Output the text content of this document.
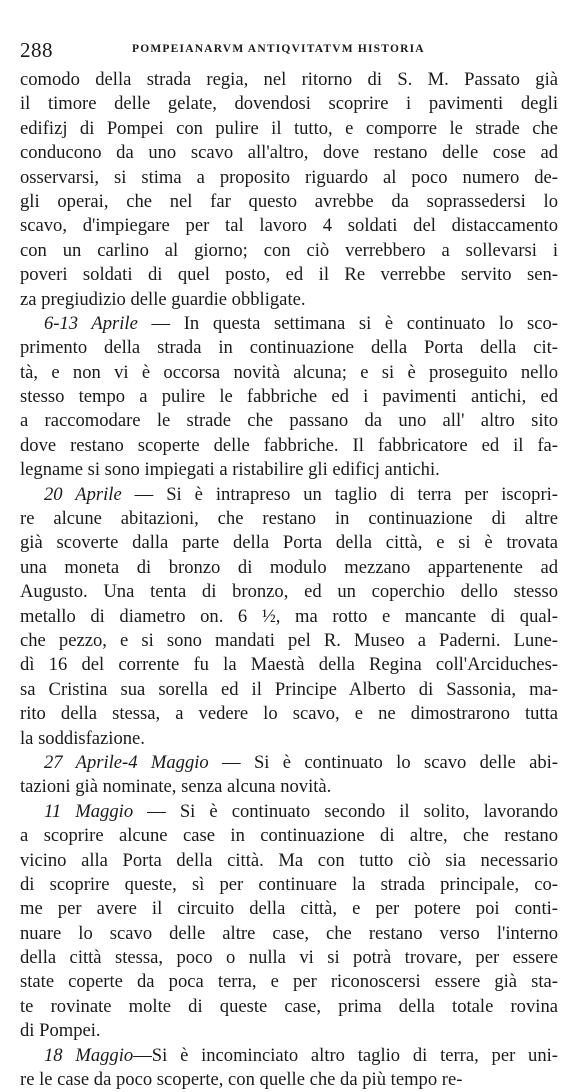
288	POMPEIANARVM ANTIQVITATVM HISTORIA
comodo della strada regia, nel ritorno di S. M. Passato già
il timore delle gelate, dovendosi scoprire i pavimenti degli
edifizj di Pompei con pulire il tutto, e comporre le strade che
conducono da uno scavo all'altro, dove restano delle cose ad
osservarsi, si stima a proposito riguardo al poco numero de-
gli operai, che nel far questo avrebbe da soprassedersi lo
scavo, d'impiegare per tal lavoro 4 soldati del distaccamento
con un carlino al giorno; con ciò verrebbero a sollevarsi i
poveri soldati di quel posto, ed il Re verrebbe servito sen-
za pregiudizio delle guardie obbligate.
6-13 Aprile — In questa settimana si è continuato lo sco-
primento della strada in continuazione della Porta della cit-
tà, e non vi è occorsa novità alcuna; e si è proseguito nello
stesso tempo a pulire le fabbriche ed i pavimenti antichi, ed
a raccomodare le strade che passano da uno all' altro sito
dove restano scoperte delle fabbriche. Il fabbricatore ed il fa-
legname si sono impiegati a ristabilire gli edificj antichi.
20 Aprile — Si è intrapreso un taglio di terra per iscopri-
re alcune abitazioni, che restano in continuazione di altre
già scoverte dalla parte della Porta della città, e si è trovata
una moneta di bronzo di modulo mezzano appartenente ad
Augusto. Una tenta di bronzo, ed un coperchio dello stesso
metallo di diametro on. 6 ½, ma rotto e mancante di qual-
che pezzo, e si sono mandati pel R. Museo a Paderni. Lune-
dì 16 del corrente fu la Maestà della Regina coll'Arciduches-
sa Cristina sua sorella ed il Principe Alberto di Sassonia, ma-
rito della stessa, a vedere lo scavo, e ne dimostrarono tutta
la soddisfazione.
27 Aprile-4 Maggio — Si è continuato lo scavo delle abi-
tazioni già nominate, senza alcuna novità.
11 Maggio — Si è continuato secondo il solito, lavorando
a scoprire alcune case in continuazione di altre, che restano
vicino alla Porta della città. Ma con tutto ciò sia necessario
di scoprire queste, sì per continuare la strada principale, co-
me per avere il circuito della città, e per potere poi conti-
nuare lo scavo delle altre case, che restano verso l'interno
della città stessa, poco o nulla vi si potrà trovare, per essere
state coperte da poca terra, e per riconoscersi essere già sta-
te rovinate molte di queste case, prima della totale rovina
di Pompei.
18 Maggio—Si è incominciato altro taglio di terra, per uni-
re le case da poco scoperte, con quelle che da più tempo re-
